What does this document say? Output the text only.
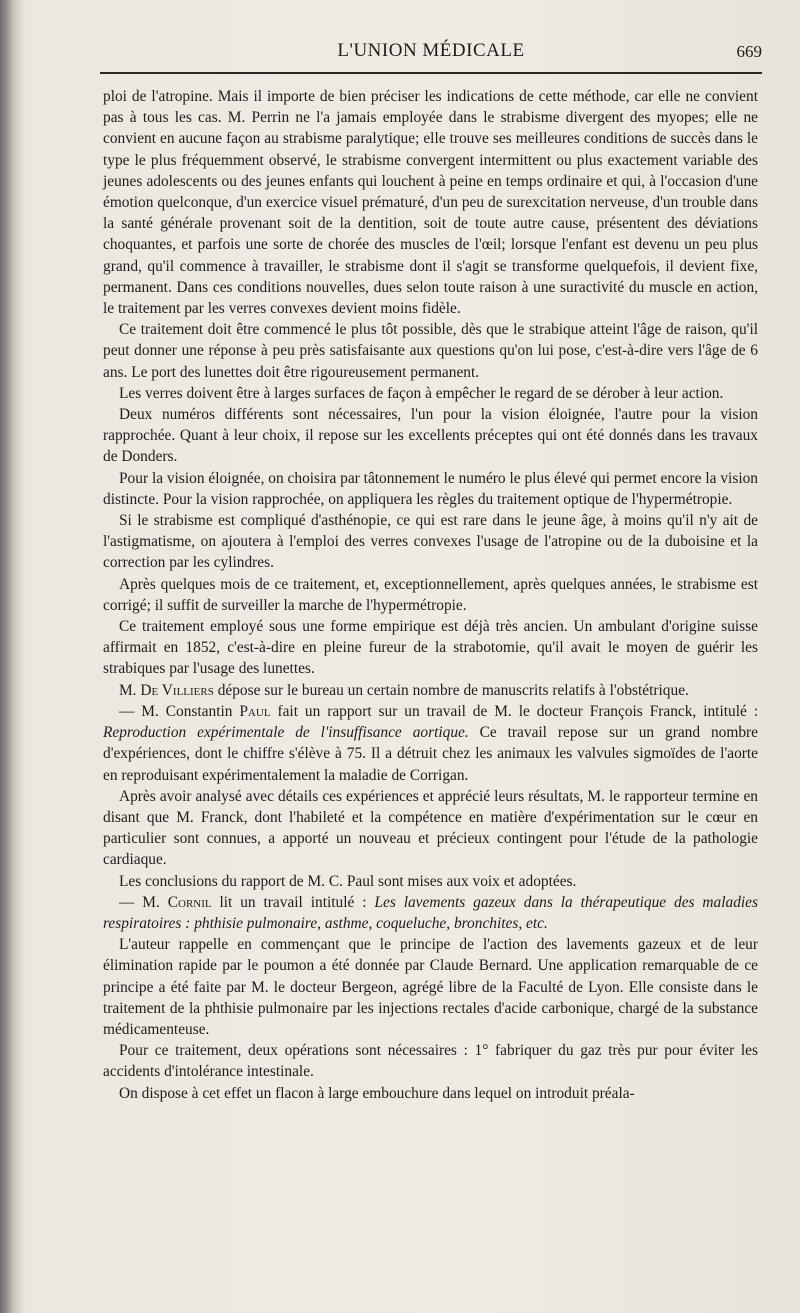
L'UNION MÉDICALE	669

ploi de l'atropine. Mais il importe de bien préciser les indications de cette méthode, car elle ne convient pas à tous les cas. M. Perrin ne l'a jamais employée dans le strabisme divergent des myopes; elle ne convient en aucune façon au strabisme paralytique; elle trouve ses meilleures conditions de succès dans le type le plus fréquemment observé, le strabisme convergent intermittent ou plus exactement variable des jeunes adolescents ou des jeunes enfants qui louchent à peine en temps ordinaire et qui, à l'occasion d'une émotion quelconque, d'un exercice visuel prématuré, d'un peu de surexcitation nerveuse, d'un trouble dans la santé générale provenant soit de la dentition, soit de toute autre cause, présentent des déviations choquantes, et parfois une sorte de chorée des muscles de l'œil; lorsque l'enfant est devenu un peu plus grand, qu'il commence à travailler, le strabisme dont il s'agit se transforme quelquefois, il devient fixe, permanent. Dans ces conditions nouvelles, dues selon toute raison à une suractivité du muscle en action, le traitement par les verres convexes devient moins fidèle.

Ce traitement doit être commencé le plus tôt possible, dès que le strabique atteint l'âge de raison, qu'il peut donner une réponse à peu près satisfaisante aux questions qu'on lui pose, c'est-à-dire vers l'âge de 6 ans. Le port des lunettes doit être rigoureusement permanent.

Les verres doivent être à larges surfaces de façon à empêcher le regard de se dérober à leur action.

Deux numéros différents sont nécessaires, l'un pour la vision éloignée, l'autre pour la vision rapprochée. Quant à leur choix, il repose sur les excellents préceptes qui ont été donnés dans les travaux de Donders.

Pour la vision éloignée, on choisira par tâtonnement le numéro le plus élevé qui permet encore la vision distincte. Pour la vision rapprochée, on appliquera les règles du traitement optique de l'hypermétropie.

Si le strabisme est compliqué d'asthénopie, ce qui est rare dans le jeune âge, à moins qu'il n'y ait de l'astigmatisme, on ajoutera à l'emploi des verres convexes l'usage de l'atropine ou de la duboisine et la correction par les cylindres.

Après quelques mois de ce traitement, et, exceptionnellement, après quelques années, le strabisme est corrigé; il suffit de surveiller la marche de l'hypermétropie.

Ce traitement employé sous une forme empirique est déjà très ancien. Un ambulant d'origine suisse affirmait en 1852, c'est-à-dire en pleine fureur de la strabotomie, qu'il avait le moyen de guérir les strabiques par l'usage des lunettes.

M. De Villiers dépose sur le bureau un certain nombre de manuscrits relatifs à l'obstétrique.

— M. Constantin Paul fait un rapport sur un travail de M. le docteur François Franck, intitulé : Reproduction expérimentale de l'insuffisance aortique. Ce travail repose sur un grand nombre d'expériences, dont le chiffre s'élève à 75. Il a détruit chez les animaux les valvules sigmoïdes de l'aorte en reproduisant expérimentalement la maladie de Corrigan.

Après avoir analysé avec détails ces expériences et apprécié leurs résultats, M. le rapporteur termine en disant que M. Franck, dont l'habileté et la compétence en matière d'expérimentation sur le cœur en particulier sont connues, a apporté un nouveau et précieux contingent pour l'étude de la pathologie cardiaque.

Les conclusions du rapport de M. C. Paul sont mises aux voix et adoptées.

— M. Cornil lit un travail intitulé : Les lavements gazeux dans la thérapeutique des maladies respiratoires : phthisie pulmonaire, asthme, coqueluche, bronchites, etc.

L'auteur rappelle en commençant que le principe de l'action des lavements gazeux et de leur élimination rapide par le poumon a été donnée par Claude Bernard. Une application remarquable de ce principe a été faite par M. le docteur Bergeon, agrégé libre de la Faculté de Lyon. Elle consiste dans le traitement de la phthisie pulmonaire par les injections rectales d'acide carbonique, chargé de la substance médicamenteuse.

Pour ce traitement, deux opérations sont nécessaires : 1° fabriquer du gaz très pur pour éviter les accidents d'intolérance intestinale.

On dispose à cet effet un flacon à large embouchure dans lequel on introduit préala-
